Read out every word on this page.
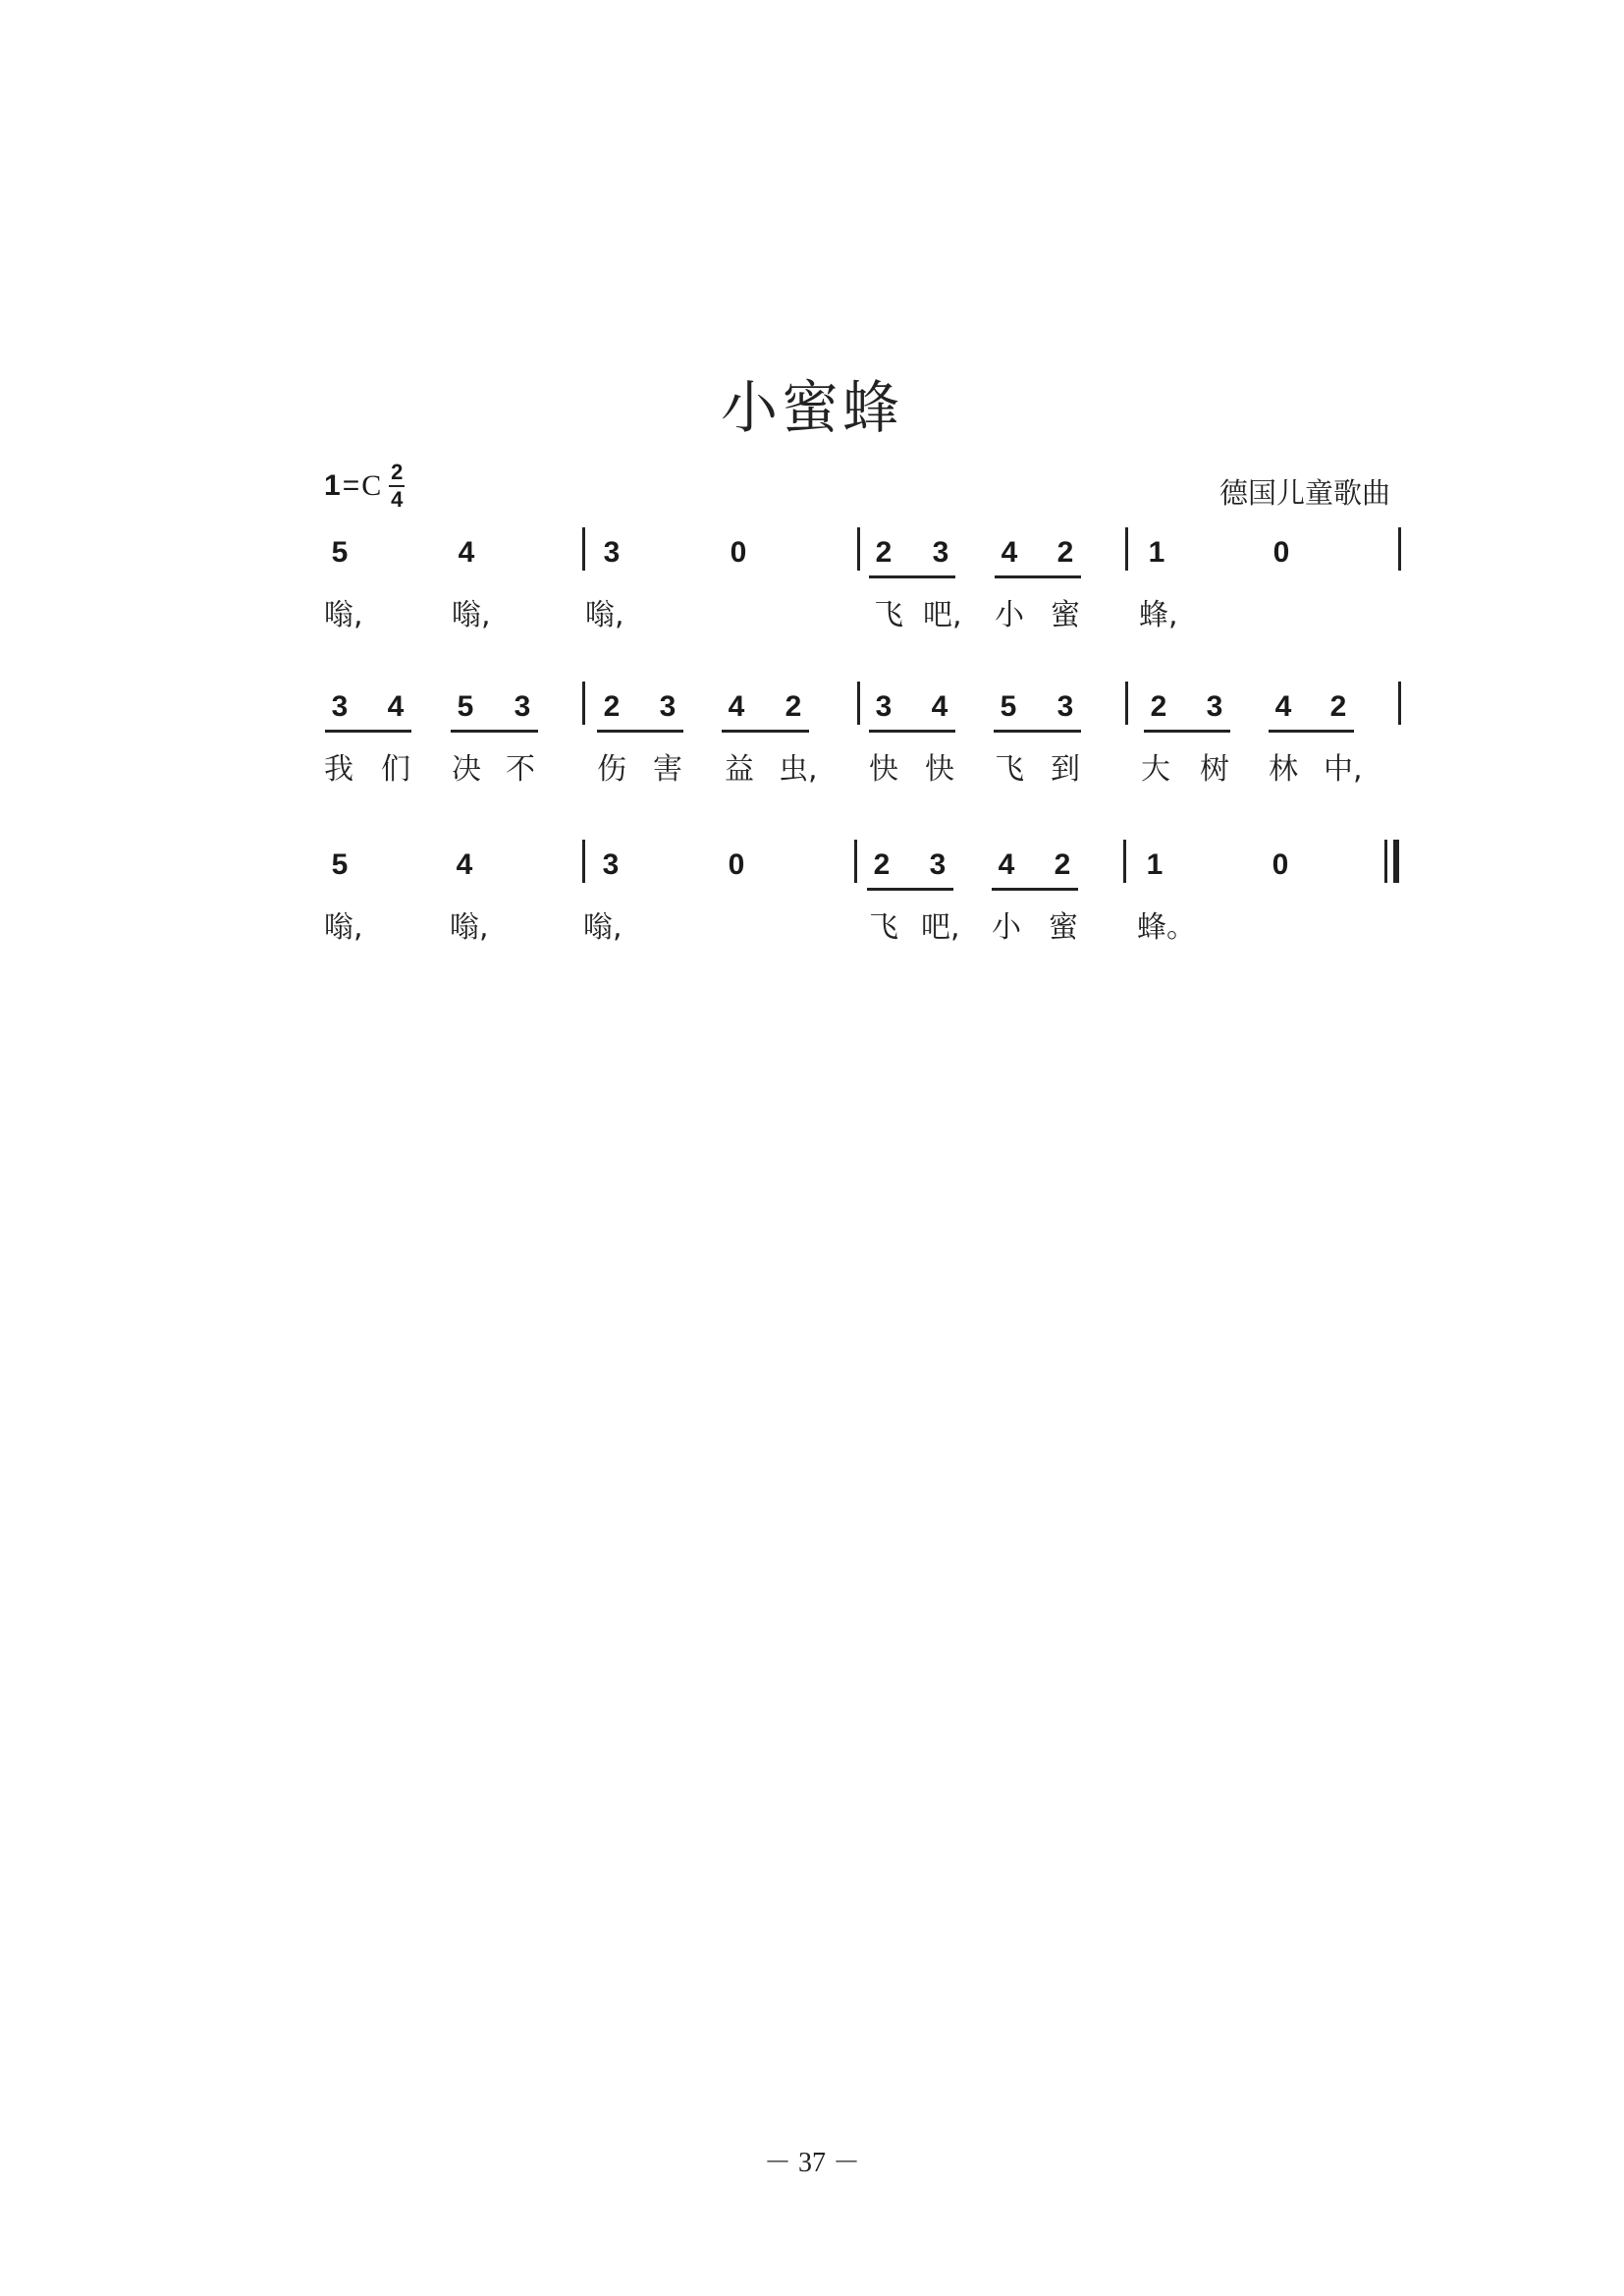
小蜜蜂
1 = C $\frac{2}{4}$	德国儿童歌曲
5	4	3	0	2	3	4	2	1	0
嗡,	嗡,	嗡,	飞 吧, 小 蜜 蜂,
3	4	5	3	2	3	4	2	3	4	5	3	2	3	4	2
我 们 决 不 伤 害 益 虫, 快 快 飞 到 大 树 林 中,
5	4	3	0	2	3	4	2	1	0
嗡,	嗡,	嗡,	飞 吧, 小 蜜 蜂。
－ 37 －
